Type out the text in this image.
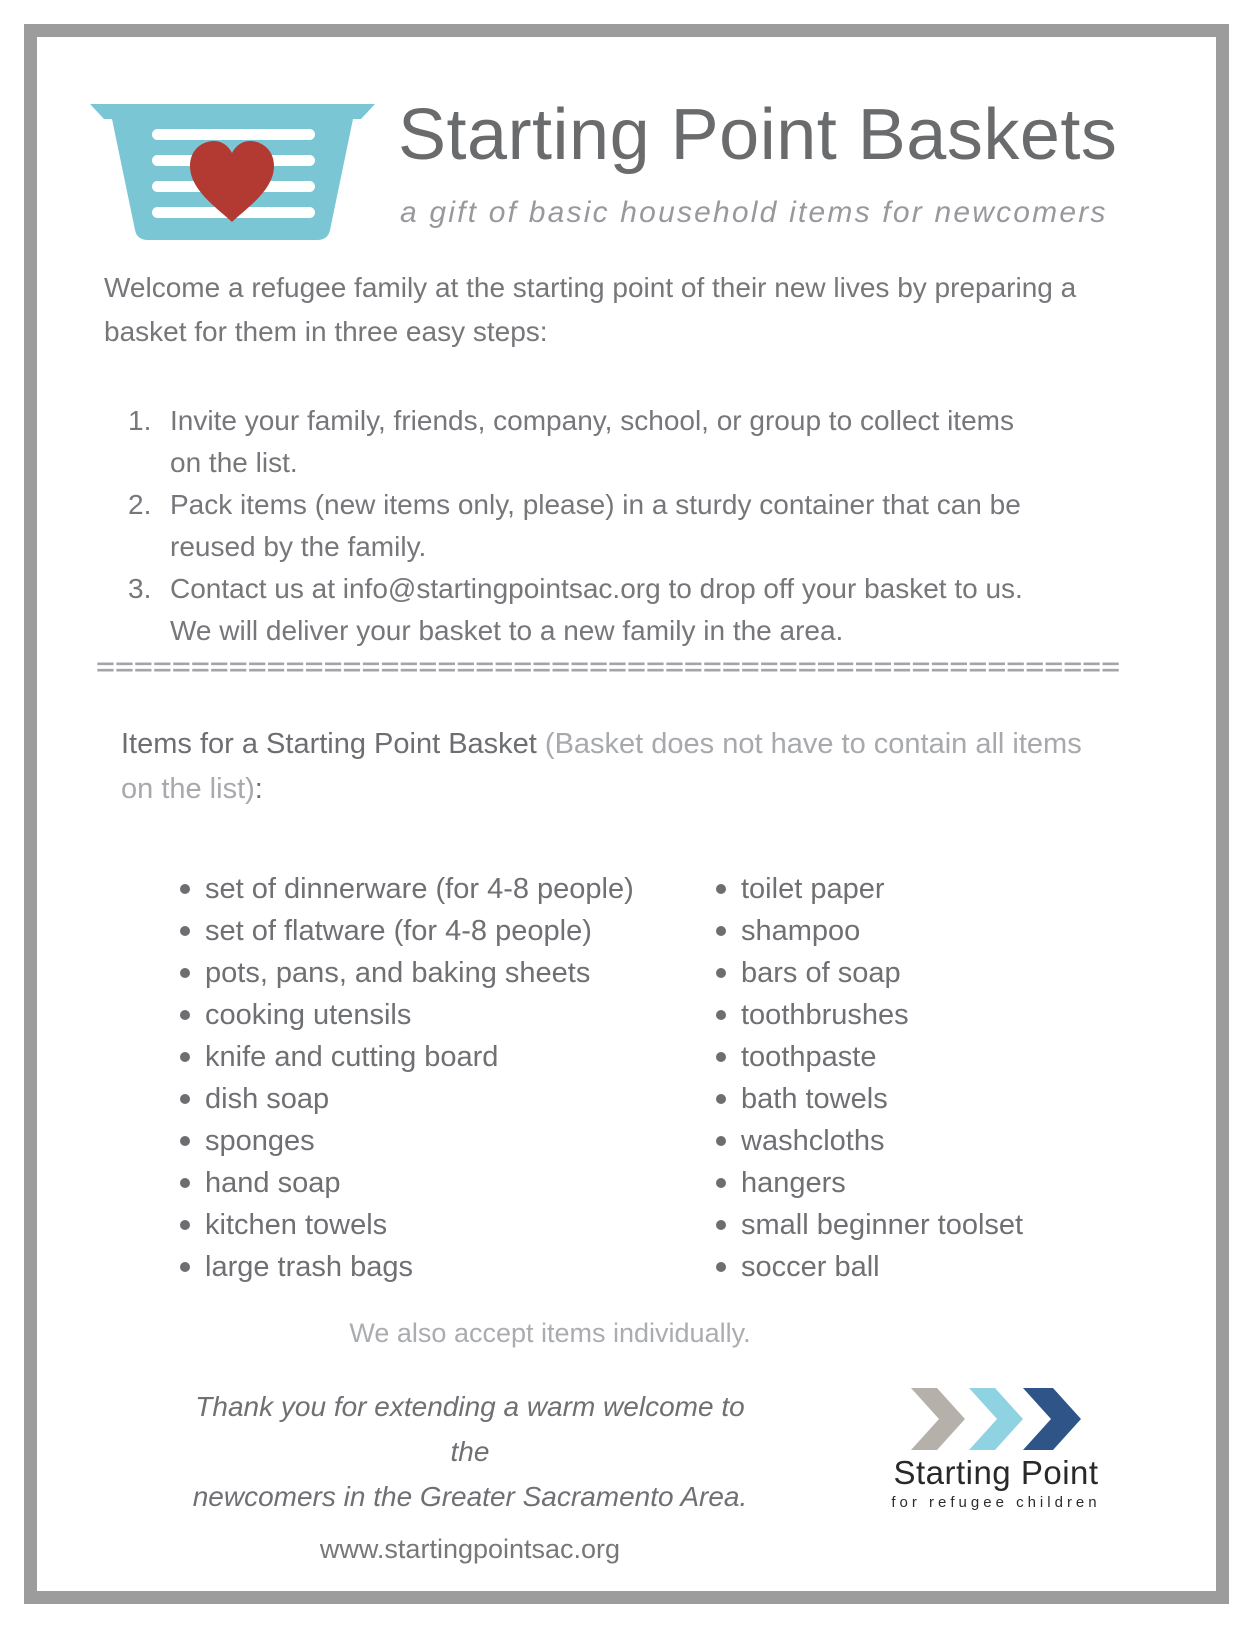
Starting Point Baskets
a gift of basic household items for newcomers
Welcome a refugee family at the starting point of their new lives by preparing a basket for them in three easy steps:
Invite your family, friends, company, school, or group to collect items on the list.
Pack items (new items only, please) in a sturdy container that can be reused by the family.
Contact us at info@startingpointsac.org to drop off your basket to us. We will deliver your basket to a new family in the area.
======================================================
Items for a Starting Point Basket (Basket does not have to contain all items on the list):
set of dinnerware (for 4-8 people)
set of flatware (for 4-8 people)
pots, pans, and baking sheets
cooking utensils
knife and cutting board
dish soap
sponges
hand soap
kitchen towels
large trash bags
toilet paper
shampoo
bars of soap
toothbrushes
toothpaste
bath towels
washcloths
hangers
small beginner toolset
soccer ball
We also accept items individually.
Thank you for extending a warm welcome to the
newcomers in the Greater Sacramento Area.
www.startingpointsac.org
Starting Point
for refugee children
